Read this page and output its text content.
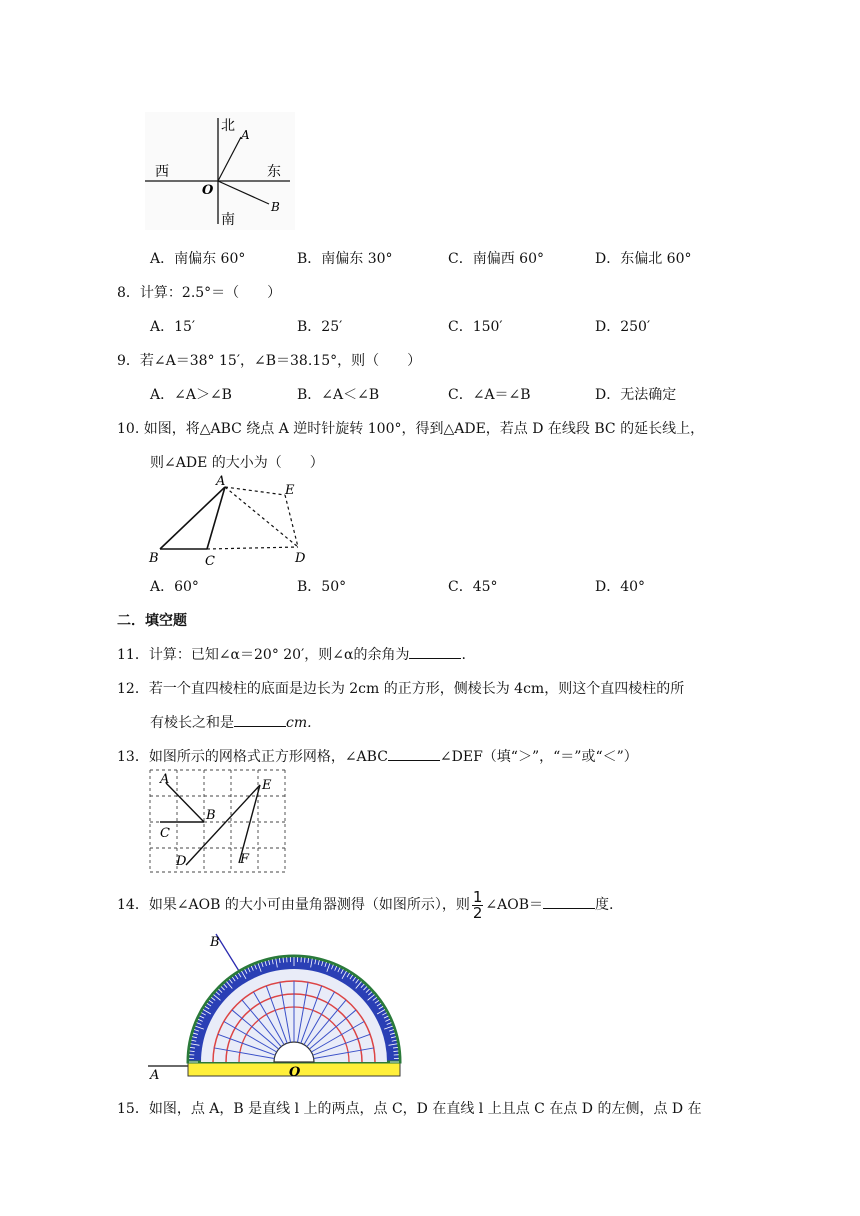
北
西	东
南
O
A
B
A．南偏东 60°	B．南偏东 30°	C．南偏西 60°	D．东偏北 60°
8．计算：2.5°＝（　　）
A．15′	B．25′	C．150′	D．250′
9．若∠A＝38° 15′，∠B＝38.15°，则（　　）
A．∠A＞∠B	B．∠A＜∠B	C．∠A＝∠B	D．无法确定
10. 如图，将△ABC 绕点 A 逆时针旋转 100°，得到△ADE，若点 D 在线段 BC 的延长线上，
则∠ADE 的大小为（　　）
A
B	C	D
E
A．60°	B．50°	C．45°	D．40°
二．填空题
11．计算：已知∠α＝20° 20′，则∠α的余角为	.
12．若一个直四棱柱的底面是边长为 2cm 的正方形，侧棱长为 4cm，则这个直四棱柱的所
有棱长之和是	cm.
13．如图所示的网格式正方形网格，∠ABC	∠DEF（填“＞”，“＝”或“＜”）
A
B
C
D
E
F
14．如果∠AOB 的大小可由量角器测得（如图所示），则 $\frac{1}{2}$ ∠AOB＝	度.
B
A	O
15．如图，点 A，B 是直线 l 上的两点，点 C，D 在直线 l 上且点 C 在点 D 的左侧，点 D 在
